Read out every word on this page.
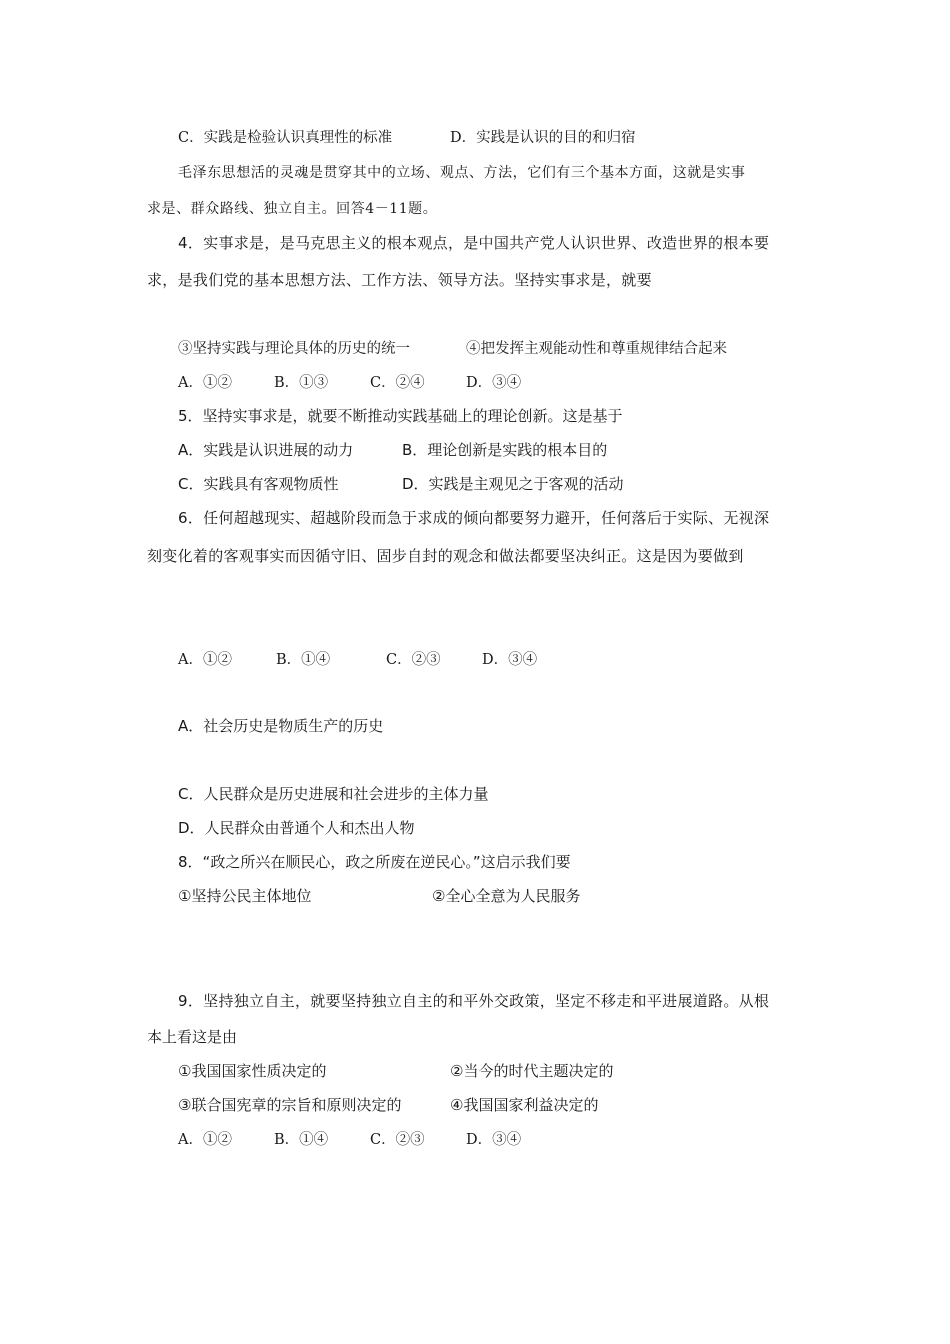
C．实践是检验认识真理性的标准	D．实践是认识的目的和归宿

毛泽东思想活的灵魂是贯穿其中的立场、观点、方法，它们有三个基本方面，这就是实事

求是、群众路线、独立自主。回答4－11题。

4．实事求是，是马克思主义的根本观点，是中国共产党人认识世界、改造世界的根本要

求，是我们党的基本思想方法、工作方法、领导方法。坚持实事求是，就要

③坚持实践与理论具体的历史的统一	④把发挥主观能动性和尊重规律结合起来
A．①②	B．①③	C．②④	D．③④

5．坚持实事求是，就要不断推动实践基础上的理论创新。这是基于

A．实践是认识进展的动力	B．理论创新是实践的根本目的
C．实践具有客观物质性	D．实践是主观见之于客观的活动

6．任何超越现实、超越阶段而急于求成的倾向都要努力避开，任何落后于实际、无视深

刻变化着的客观事实而因循守旧、固步自封的观念和做法都要坚决纠正。这是因为要做到

A．①②	B．①④	C．②③	D．③④

A．社会历史是物质生产的历史

C．人民群众是历史进展和社会进步的主体力量

D．人民群众由普通个人和杰出人物

8．“政之所兴在顺民心，政之所废在逆民心。”这启示我们要

①坚持公民主体地位	②全心全意为人民服务

9．坚持独立自主，就要坚持独立自主的和平外交政策，坚定不移走和平进展道路。从根

本上看这是由

①我国国家性质决定的	②当今的时代主题决定的
③联合国宪章的宗旨和原则决定的	④我国国家利益决定的
A．①②	B．①④	C．②③	D．③④
